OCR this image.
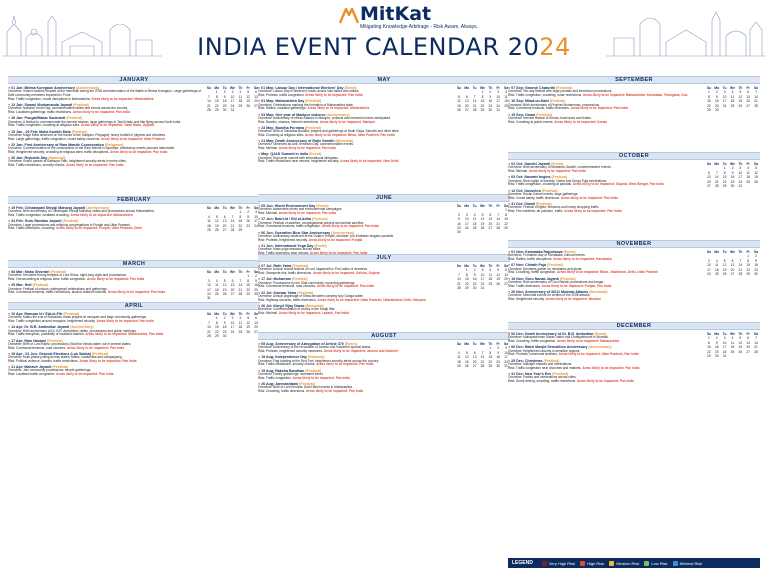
MitKat
Mitigating Knowledge Arbitrage - Risk Aware. Always.
INDIA EVENT CALENDAR 2024
JANUARY
● 01 Jan: Bhima Koregaon Anniversary (Anniversary)
Overview: Violent clashes erupted at the memorial during the 2018 commemoration of the Battle of Bhima Koregaon. Large gatherings of Dalit community members expected in Pune.
Risk: Traffic congestion, crowd disruptions in Maharashtra. Areas likely to be impacted: Maharashtra
● 12 Jan: Swami Vivekananda Jayanti (Festival)
Overview: National Youth Day; commemorative rallies and events across the country.
Risk: Localised gatherings; traffic restrictions. Areas likely to be impacted: Pan India
● 15 Jan: Pongal/Makar Sankranti (Festival)
Overview: A festival to commemorate the harvest season; large gatherings in Tamil Nadu and kite flying across North India.
Risk: Traffic congestion; crowding at religious sites. Areas likely to be impacted: Tamil Nadu, Gujarat
● 15 Jan - 26 Feb: Maha Kumbh Mela (Festival)
Overview: Magh Mela observed on the banks of the Sangam, Prayagraj; heavy footfall of pilgrims and devotees.
Risk: Large gatherings, traffic congestion, crowd safety concerns. Areas likely to be impacted: Uttar Pradesh
● 22 Jan: First Anniversary of Ram Mandir Consecration (Religious)
Overview: Commemoration of the consecration of the Ram Mandir in Ayodhya; celebratory events planned nationwide.
Risk: Heightened security; crowding at religious sites; traffic disruptions. Areas likely to be impacted: Pan India
● 26 Jan: Republic Day (National)
Overview: Grand parade at Kartavya Path; heightened security alerts in metro cities.
Risk: Traffic restrictions, security checks. Areas likely to be impacted: Pan India
Su	Mo	Tu	We	Th	Fr	Sa
	1	2	3	4	5	6
7	8	9	10	11	12	13
14	15	16	17	18	19	20
21	22	23	24	25	26	27
28	29	30	31			
FEBRUARY
● 19 Feb: Chhatrapati Shivaji Maharaj Jayanti (Anniversary)
Overview: Birth anniversary of Chhatrapati Shivaji Maharaj; rallies and processions across Maharashtra.
Risk: Traffic congestion; localised crowding. Areas likely to be impacted: Maharashtra
● 24 Feb: Guru Ravidas Jayanti (Festival)
Overview: Large processions and religious congregations in Punjab and Uttar Pradesh.
Risk: Traffic diversions, crowding. Areas likely to be impacted: Punjab, Uttar Pradesh, Delhi
Su	Mo	Tu	We	Th	Fr	Sa
				1	2	3
4	5	6	7	8	9	10
11	12	13	14	15	16	17
18	19	20	21	22	23	24
25	26	27	28	29		
MARCH
● 08 Mar: Maha Shivratri (Festival)
Overview: Devotees throng temples of Lord Shiva; night-long vigils and processions.
Risk: Overcrowding at religious sites; traffic congestion. Areas likely to be impacted: Pan India
● 25 Mar: Holi (Festival)
Overview: Festival of colours; widespread celebrations and gatherings.
Risk: Communal tensions, traffic restrictions, alcohol-related incidents. Areas likely to be impacted: Pan India
Su	Mo	Tu	We	Th	Fr	Sa
					1	2
3	4	5	6	7	8	9
10	11	12	13	14	15	16
17	18	19	20	21	22	23
24	25	26	27	28	29	30
31						
APRIL
● 10 Apr: Ramzan Id / Eid-ul-Fitr (Festival)
Overview: Marks the end of Ramadan; mass prayers at mosques and large community gatherings.
Risk: Traffic congestion around mosques; heightened security. Areas likely to be impacted: Pan India
● 14 Apr: Dr. B.R. Ambedkar Jayanti (Anniversary)
Overview: Birth anniversary of Dr. B.R. Ambedkar; rallies, processions and public meetings.
Risk: Traffic disruption; possibility of localised clashes. Areas likely to be impacted: Maharashtra, Pan India
● 17 Apr: Ram Navami (Festival)
Overview: Birth of Lord Rama; processions (Shobha Yatras) taken out in several states.
Risk: Communal tensions, road closures. Areas likely to be impacted: Pan India
● 19 Apr - 01 Jun: General Elections (Lok Sabha) (Political)
Overview: Multi-phase polling across states; rallies, roadshows and campaigning.
Risk: Political violence, bandhs, traffic restrictions. Areas likely to be impacted: Pan India
● 21 Apr: Mahavir Jayanti (Festival)
Overview: Jain community processions; temple gatherings.
Risk: Localised traffic congestion. Areas likely to be impacted: Pan India
Su	Mo	Tu	We	Th	Fr	Sa
	1	2	3	4	5	6
7	8	9	10	11	12	13
14	15	16	17	18	19	20
21	22	23	24	25	26	27
28	29	30				
MAY
● 01 May: Labour Day / International Workers' Day (Event)
Overview: Labour Day is observed; trade unions hold rallies and strikes.
Risk: Protests, traffic congestion. Areas likely to be impacted: Pan India
● 01 May: Maharashtra Day (Festival)
Overview: Celebrations marking the formation of Maharashtra state.
Risk: Rallies, localised gatherings. Areas likely to be impacted: Maharashtra
● 03 May: One year of Manipur violence (Anniversary)
Overview: Anniversary of ethnic clashes in Manipur; protests and memorial events anticipated.
Risk: Bandhs, clashes, internet restrictions. Areas likely to be impacted: Manipur
● 23 May: Buddha Purnima (Festival)
Overview: Birth of Gautama Buddha; prayers and gatherings at Bodh Gaya, Sarnath and other sites.
Risk: Crowding at religious sites. Areas likely to be impacted: Bihar, Uttar Pradesh, Pan India
● 21 May: Death Anniversary of Rajiv Gandhi (Memorial)
Overview: Observed as Anti-Terrorism Day; commemorative events.
Risk: Minimal. Areas likely to be impacted: Pan India
● May: Q2AD Summit in India (Event)
Overview: High-level summit with international delegates.
Risk: Traffic restrictions near venues, heightened security. Areas likely to be impacted: New Delhi
Su	Mo	Tu	We	Th	Fr	Sa
			1	2	3	4
5	6	7	8	9	10	11
12	13	14	15	16	17	18
19	20	21	22	23	24	25
26	27	28	29	30	31	
JUNE
● 05 Jun: World Environment Day (Event)
Overview: Awareness drives and environmental campaigns.
Risk: Minimal. Areas likely to be impacted: Pan India
● 17 Jun: Bakri-Id / Eid al-Adha (Festival)
Overview: Festival of sacrifice; congregational prayers and animal sacrifice.
Risk: Communal tensions; traffic congestion. Areas likely to be impacted: Pan India
● 06 Jun: Operation Blue Star Anniversary (Anniversary)
Overview: Anniversary observed at the Golden Temple, Amritsar; pro-Khalistan slogans possible.
Risk: Protests, heightened security. Areas likely to be impacted: Punjab
● 21 Jun: International Yoga Day (Event)
Overview: Mass yoga sessions across cities.
Risk: Traffic diversions near venues. Areas likely to be impacted: Pan India
Su	Mo	Tu	We	Th	Fr	Sa
						1
2	3	4	5	6	7	8
9	10	11	12	13	14	15
16	17	18	19	20	21	22
23	24	25	26	27	28	29
30						
JULY
● 07 Jul: Rath Yatra (Festival)
Overview: Annual chariot festival of Lord Jagannath in Puri; lakhs of devotees.
Risk: Stampede risk, traffic diversions. Areas likely to be impacted: Odisha, Gujarat
● 17 Jul: Muharram (Festival)
Overview: Processions by the Shia community; mourning gatherings.
Risk: Communal tensions, road closures. Areas likely to be impacted: Pan India
● 22 Jul: Kanwar Yatra (Festival)
Overview: Annual pilgrimage of Shiva devotees carrying holy Ganga water.
Risk: Highway closures, traffic diversions. Areas likely to be impacted: Uttar Pradesh, Uttarakhand, Delhi, Haryana
● 26 Jul: Kargil Vijay Diwas (Memorial)
Overview: Commemoration of victory in the Kargil War.
Risk: Minimal. Areas likely to be impacted: Ladakh, Pan India
Su	Mo	Tu	We	Th	Fr	Sa
	1	2	3	4	5	6
7	8	9	10	11	12	13
14	15	16	17	18	19	20
21	22	23	24	25	26	27
28	29	30	31			
AUGUST
● 05 Aug: Anniversary of Abrogation of Article 370 (Event)
Overview: Anniversary of the revocation of Jammu and Kashmir's special status.
Risk: Protests, heightened security measures. Areas likely to be impacted: Jammu and Kashmir
● 15 Aug: Independence Day (National)
Overview: Flag hoisting at the Red Fort; heightened security alerts across the country.
Risk: Traffic restrictions, security checks. Areas likely to be impacted: Pan India
● 19 Aug: Raksha Bandhan (Festival)
Overview: Family gatherings; increased travel.
Risk: Traffic congestion. Areas likely to be impacted: Pan India
● 26 Aug: Janmashtami (Festival)
Overview: Birth of Lord Krishna; Dahi Handi events in Maharashtra.
Risk: Crowding, traffic diversions. Areas likely to be impacted: Pan India
Su	Mo	Tu	We	Th	Fr	Sa
				1	2	3
4	5	6	7	8	9	10
11	12	13	14	15	16	17
18	19	20	21	22	23	24
25	26	27	28	29	30	31
SEPTEMBER
● 07 Sep: Ganesh Chaturthi (Festival)
Overview: Ten-day festival with large pandals and immersion processions.
Risk: Traffic congestion, crowding, noise restrictions. Areas likely to be impacted: Maharashtra, Karnataka, Telangana, Goa
● 16 Sep: Milad-un-Nabi (Festival)
Overview: Birth anniversary of Prophet Muhammad; processions.
Risk: Communal tensions, traffic diversions. Areas likely to be impacted: Pan India
● 15 Sep: Onam (Festival)
Overview: Harvest festival of Kerala; boat races and feasts.
Risk: Crowding at public events. Areas likely to be impacted: Kerala
Su	Mo	Tu	We	Th	Fr	Sa
1	2	3	4	5	6	7
8	9	10	11	12	13	14
15	16	17	18	19	20	21
22	23	24	25	26	27	28
29	30					
OCTOBER
● 02 Oct: Gandhi Jayanti (Event)
Overview: Birth anniversary of Mahatma Gandhi; commemorative events.
Risk: Minimal. Areas likely to be impacted: Pan India
● 03 Oct: Navratri begins (Festival)
Overview: Nine nights of worship; Garba and Durga Puja celebrations.
Risk: Traffic congestion, crowding at pandals. Areas likely to be impacted: Gujarat, West Bengal, Pan India
● 12 Oct: Dussehra (Festival)
Overview: Ravan Dahan events; large gatherings.
Risk: Crowd safety, traffic diversions. Areas likely to be impacted: Pan India
● 31 Oct: Diwali (Festival)
Overview: Festival of lights; fireworks and heavy shopping traffic.
Risk: Fire incidents, air pollution, traffic. Areas likely to be impacted: Pan India
Su	Mo	Tu	We	Th	Fr	Sa
		1	2	3	4	5
6	7	8	9	10	11	12
13	14	15	16	17	18	19
20	21	22	23	24	25	26
27	28	29	30	31		
NOVEMBER
● 01 Nov: Karnataka Rajyotsava (Event)
Overview: Formation day of Karnataka; cultural events.
Risk: Rallies, traffic disruptions. Areas likely to be impacted: Karnataka
● 07 Nov: Chhath Puja (Festival)
Overview: Devotees gather on riverbanks and ghats.
Risk: Crowding, traffic congestion. Areas likely to be impacted: Bihar, Jharkhand, Delhi, Uttar Pradesh
● 15 Nov: Guru Nanak Jayanti (Festival)
Overview: Birth anniversary of Guru Nanak; processions and langar.
Risk: Traffic diversions. Areas likely to be impacted: Punjab, Pan India
● 26 Nov: Anniversary of 26/11 Mumbai Attacks (Memorial)
Overview: Memorial events for victims of the 2008 attacks.
Risk: Heightened security. Areas likely to be impacted: Mumbai
Su	Mo	Tu	We	Th	Fr	Sa
					1	2
3	4	5	6	7	8	9
10	11	12	13	14	15	16
17	18	19	20	21	22	23
24	25	26	27	28	29	30
DECEMBER
● 06 Dec: Death Anniversary of Dr. B.R. Ambedkar (Event)
Overview: Mahaparinirvan Diwas; lakhs visit Chaityabhoomi in Mumbai.
Risk: Crowding, traffic congestion. Areas likely to be impacted: Maharashtra
● 06 Dec: Babri Masjid Demolition Anniversary (Anniversary)
Overview: Heightened security in sensitive regions.
Risk: Protests, communal tensions. Areas likely to be impacted: Uttar Pradesh, Pan India
● 25 Dec: Christmas (Festival)
Overview: Midnight masses and celebrations.
Risk: Traffic congestion near churches and markets. Areas likely to be impacted: Pan India
● 31 Dec: New Year's Eve (Festival)
Overview: Parties and celebrations across cities.
Risk: Drunk driving, crowding, traffic restrictions. Areas likely to be impacted: Pan India
Su	Mo	Tu	We	Th	Fr	Sa
1	2	3	4	5	6	7
8	9	10	11	12	13	14
15	16	17	18	19	20	21
22	23	24	25	26	27	28
29	30	31				
LEGEND	Very High Risk	High Risk	Medium Risk	Low Risk	Minimal Risk
